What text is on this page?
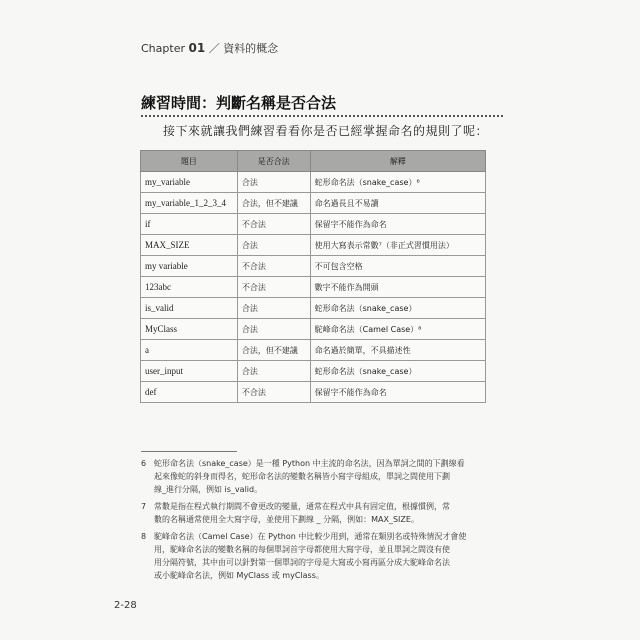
Chapter 01 ／ 資料的概念
練習時間：判斷名稱是否合法
接下來就讓我們練習看看你是否已經掌握命名的規則了呢：
題目	是否合法	解釋
my_variable	合法	蛇形命名法（snake_case）⁶
my_variable_1_2_3_4	合法，但不建議	命名過長且不易讀
if	不合法	保留字不能作為命名
MAX_SIZE	合法	使用大寫表示常數⁷（非正式習慣用法）
my variable	不合法	不可包含空格
123abc	不合法	數字不能作為開頭
is_valid	合法	蛇形命名法（snake_case）
MyClass	合法	駝峰命名法（Camel Case）⁸
a	合法，但不建議	命名過於簡單，不具描述性
user_input	合法	蛇形命名法（snake_case）
def	不合法	保留字不能作為命名
6 蛇形命名法（snake_case）是一種 Python 中主流的命名法，因為單詞之間的下劃線看
起來像蛇的斜身而得名，蛇形命名法的變數名稱皆小寫字母組成，單詞之間使用下劃
線_進行分隔，例如 is_valid。
7 常數是指在程式執行期間不會更改的變量，通常在程式中具有固定值，根據慣例，常
數的名稱通常使用全大寫字母，並使用下劃線 _ 分隔，例如：MAX_SIZE。
8 駝峰命名法（Camel Case）在 Python 中比較少用到，通常在類別名或特殊情況才會使
用，駝峰命名法的變數名稱的每個單詞首字母都使用大寫字母，並且單詞之間沒有使
用分隔符號，其中由可以針對第一個單詞的字母是大寫或小寫再區分成大駝峰命名法
或小駝峰命名法，例如 MyClass 或 myClass。
2-28
